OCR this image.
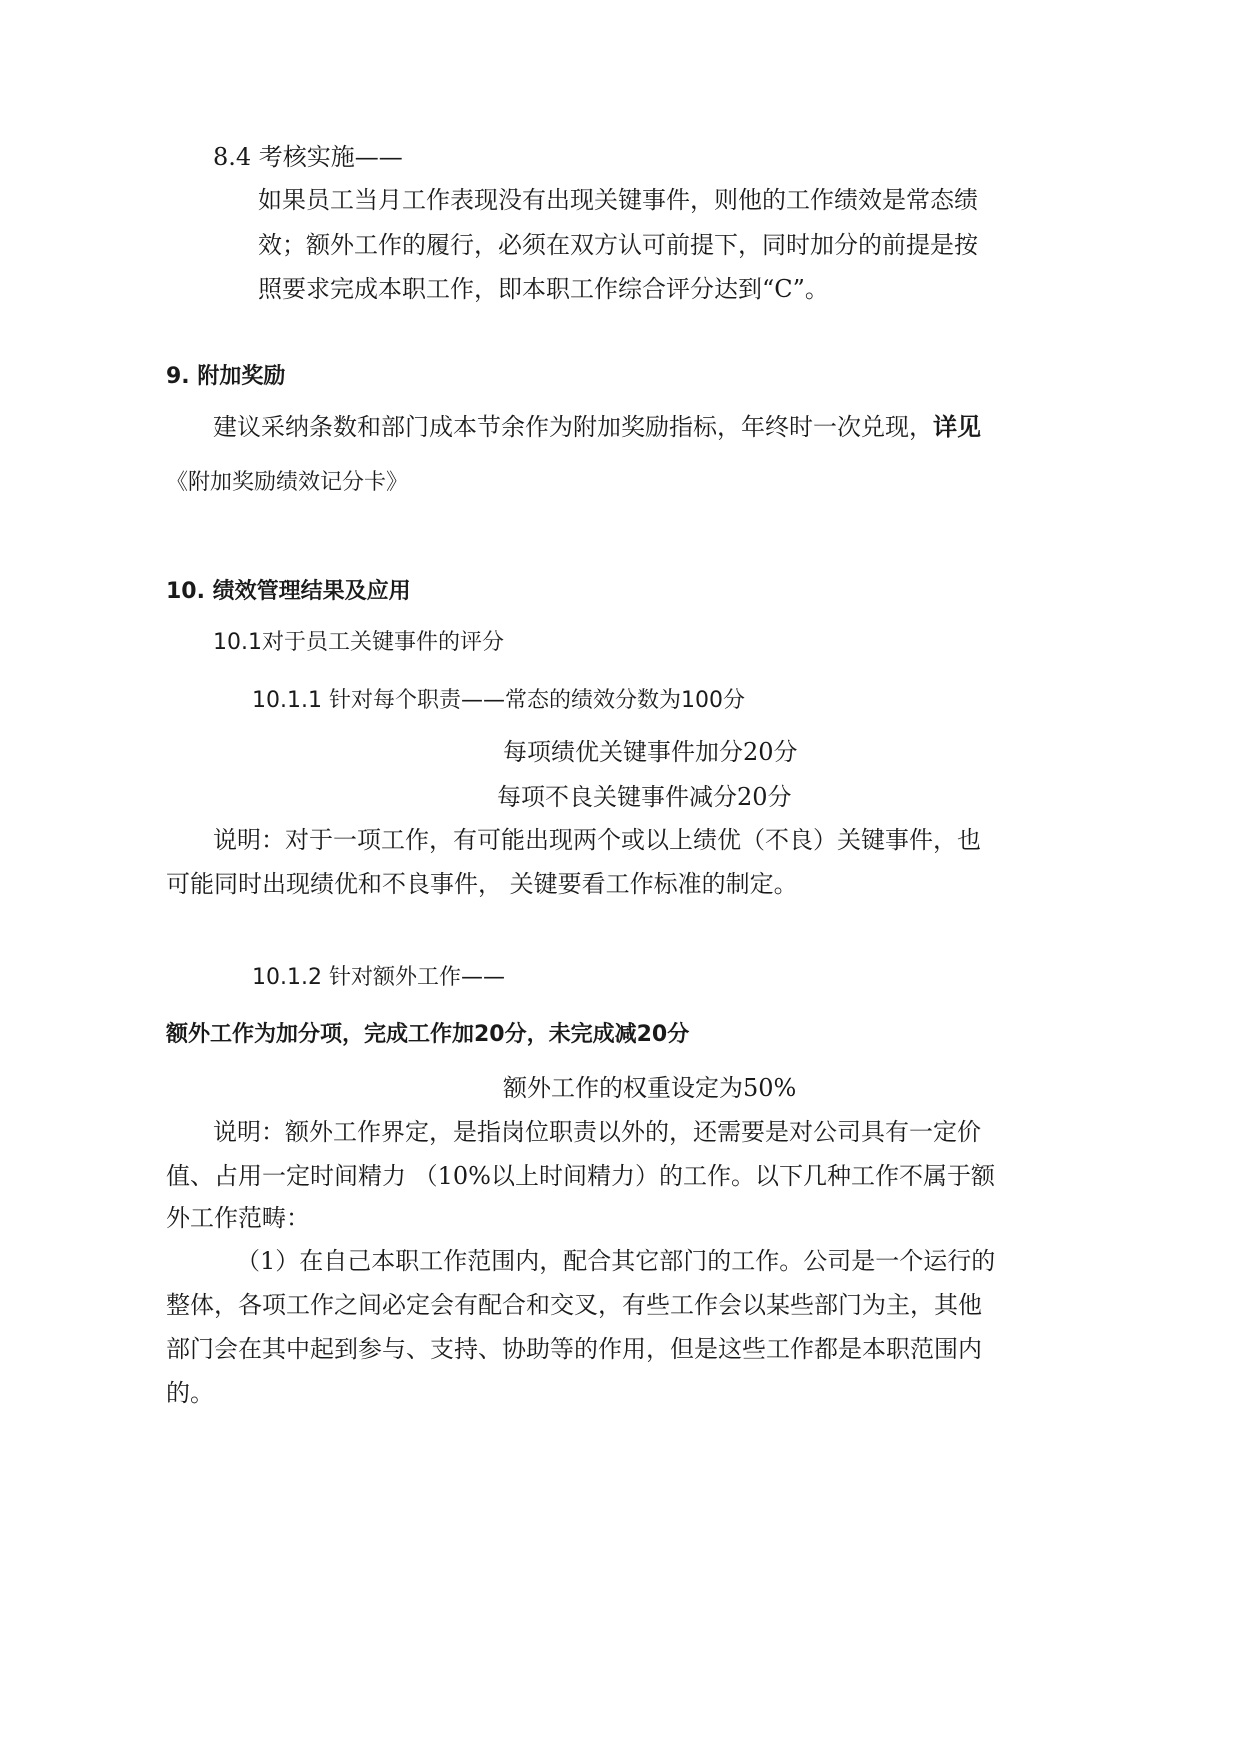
8.4 考核实施——
如果员工当月工作表现没有出现关键事件，则他的工作绩效是常态绩
效；额外工作的履行，必须在双方认可前提下，同时加分的前提是按
照要求完成本职工作，即本职工作综合评分达到“C”。
9. 附加奖励
建议采纳条数和部门成本节余作为附加奖励指标，年终时一次兑现，详见
《附加奖励绩效记分卡》
10. 绩效管理结果及应用
10.1对于员工关键事件的评分
10.1.1 针对每个职责——常态的绩效分数为100分
每项绩优关键事件加分20分
每项不良关键事件减分20分
说明：对于一项工作，有可能出现两个或以上绩优（不良）关键事件，也
可能同时出现绩优和不良事件， 关键要看工作标准的制定。
10.1.2 针对额外工作——
额外工作为加分项，完成工作加20分，未完成减20分
额外工作的权重设定为50%
说明：额外工作界定，是指岗位职责以外的，还需要是对公司具有一定价
值、占用一定时间精力 （10%以上时间精力）的工作。以下几种工作不属于额
外工作范畴：
（1）在自己本职工作范围内，配合其它部门的工作。公司是一个运行的
整体，各项工作之间必定会有配合和交叉，有些工作会以某些部门为主，其他
部门会在其中起到参与、支持、协助等的作用，但是这些工作都是本职范围内
的。
